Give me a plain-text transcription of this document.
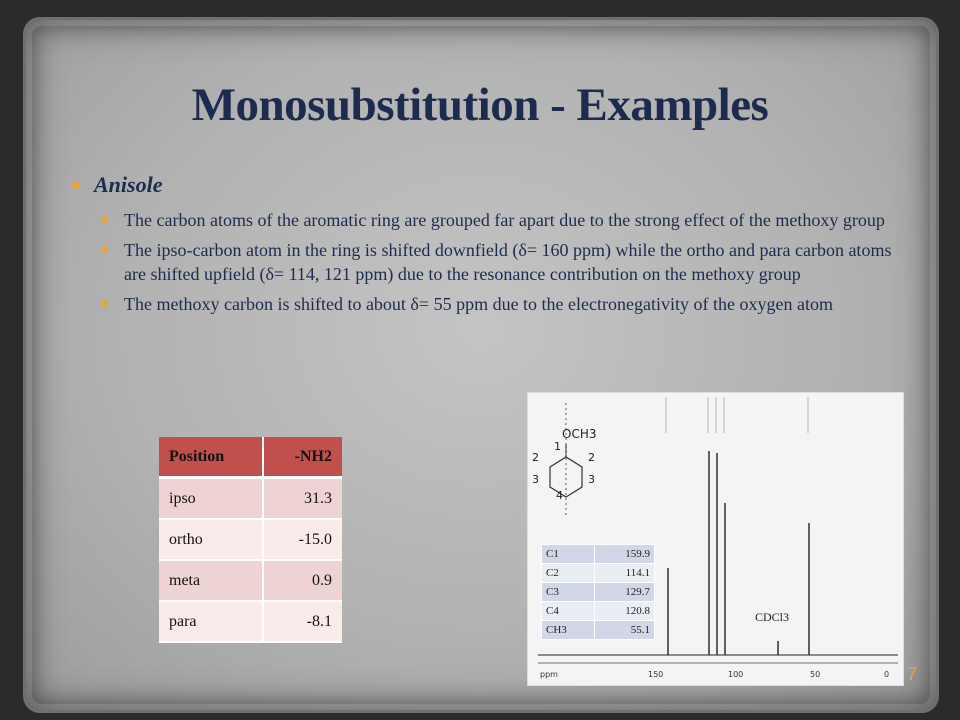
Monosubstitution - Examples
Anisole
The carbon atoms of the aromatic ring are grouped far apart due to the strong effect of the methoxy group
The ipso-carbon atom in the ring is shifted downfield (δ= 160 ppm) while the ortho and para carbon atoms are shifted upfield (δ= 114, 121 ppm) due to the resonance contribution on the methoxy group
The methoxy carbon is shifted to about δ= 55 ppm due to the electronegativity of the oxygen atom
Position	-NH2
ipso	31.3
ortho	-15.0
meta	0.9
para	-8.1
OCH3
1
2	2
3	3
4
ppm	150	100	50	0
C1	159.9
C2	114.1
C3	129.7
C4	120.8
CH3	55.1
CDCl3
7
